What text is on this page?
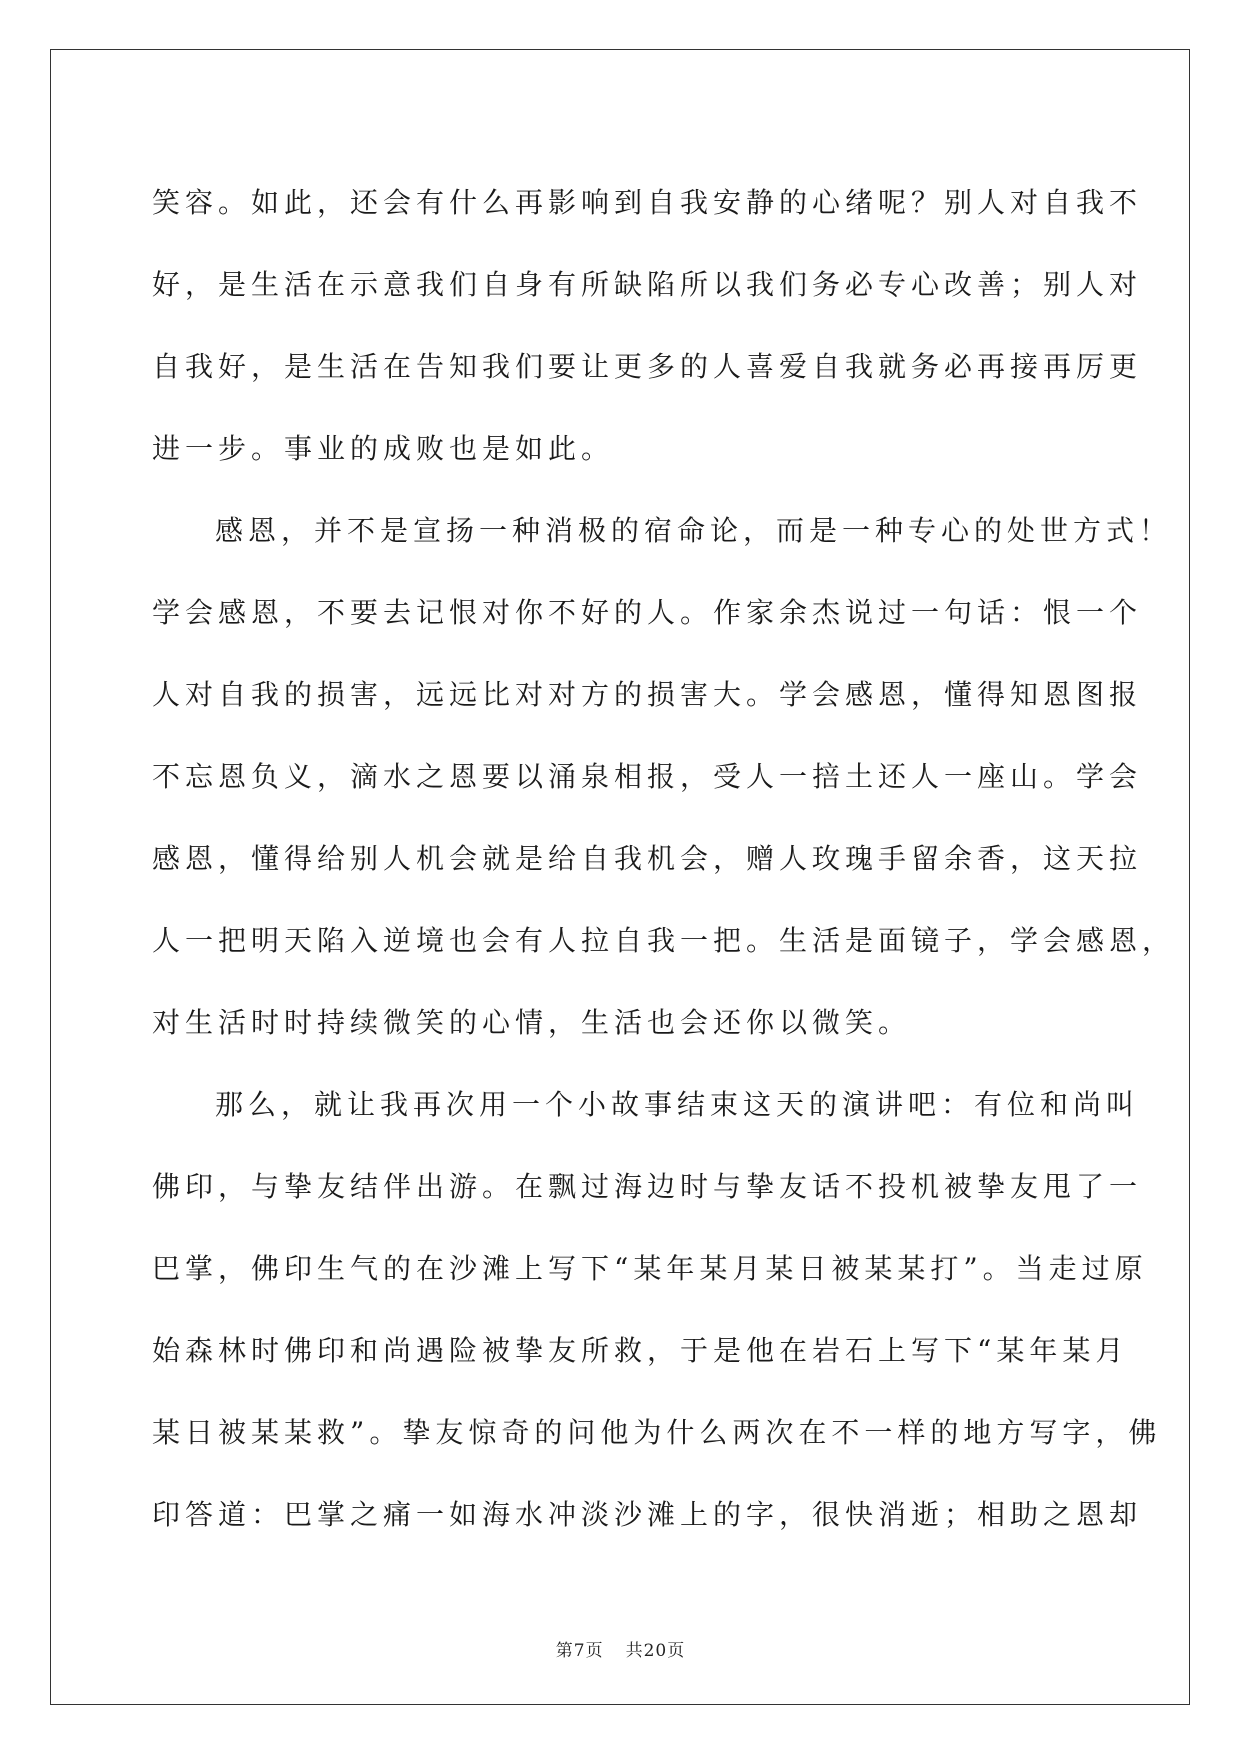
笑容。如此，还会有什么再影响到自我安静的心绪呢？别人对自我不
好，是生活在示意我们自身有所缺陷所以我们务必专心改善；别人对
自我好，是生活在告知我们要让更多的人喜爱自我就务必再接再厉更
进一步。事业的成败也是如此。
感恩，并不是宣扬一种消极的宿命论，而是一种专心的处世方式！
学会感恩，不要去记恨对你不好的人。作家余杰说过一句话：恨一个
人对自我的损害，远远比对对方的损害大。学会感恩，懂得知恩图报
不忘恩负义，滴水之恩要以涌泉相报，受人一掊土还人一座山。学会
感恩，懂得给别人机会就是给自我机会，赠人玫瑰手留余香，这天拉
人一把明天陷入逆境也会有人拉自我一把。生活是面镜子，学会感恩，
对生活时时持续微笑的心情，生活也会还你以微笑。
那么，就让我再次用一个小故事结束这天的演讲吧：有位和尚叫
佛印，与挚友结伴出游。在飘过海边时与挚友话不投机被挚友甩了一
巴掌，佛印生气的在沙滩上写下“某年某月某日被某某打”。当走过原
始森林时佛印和尚遇险被挚友所救，于是他在岩石上写下“某年某月
某日被某某救”。挚友惊奇的问他为什么两次在不一样的地方写字，佛
印答道：巴掌之痛一如海水冲淡沙滩上的字，很快消逝；相助之恩却
第7页 共20页
